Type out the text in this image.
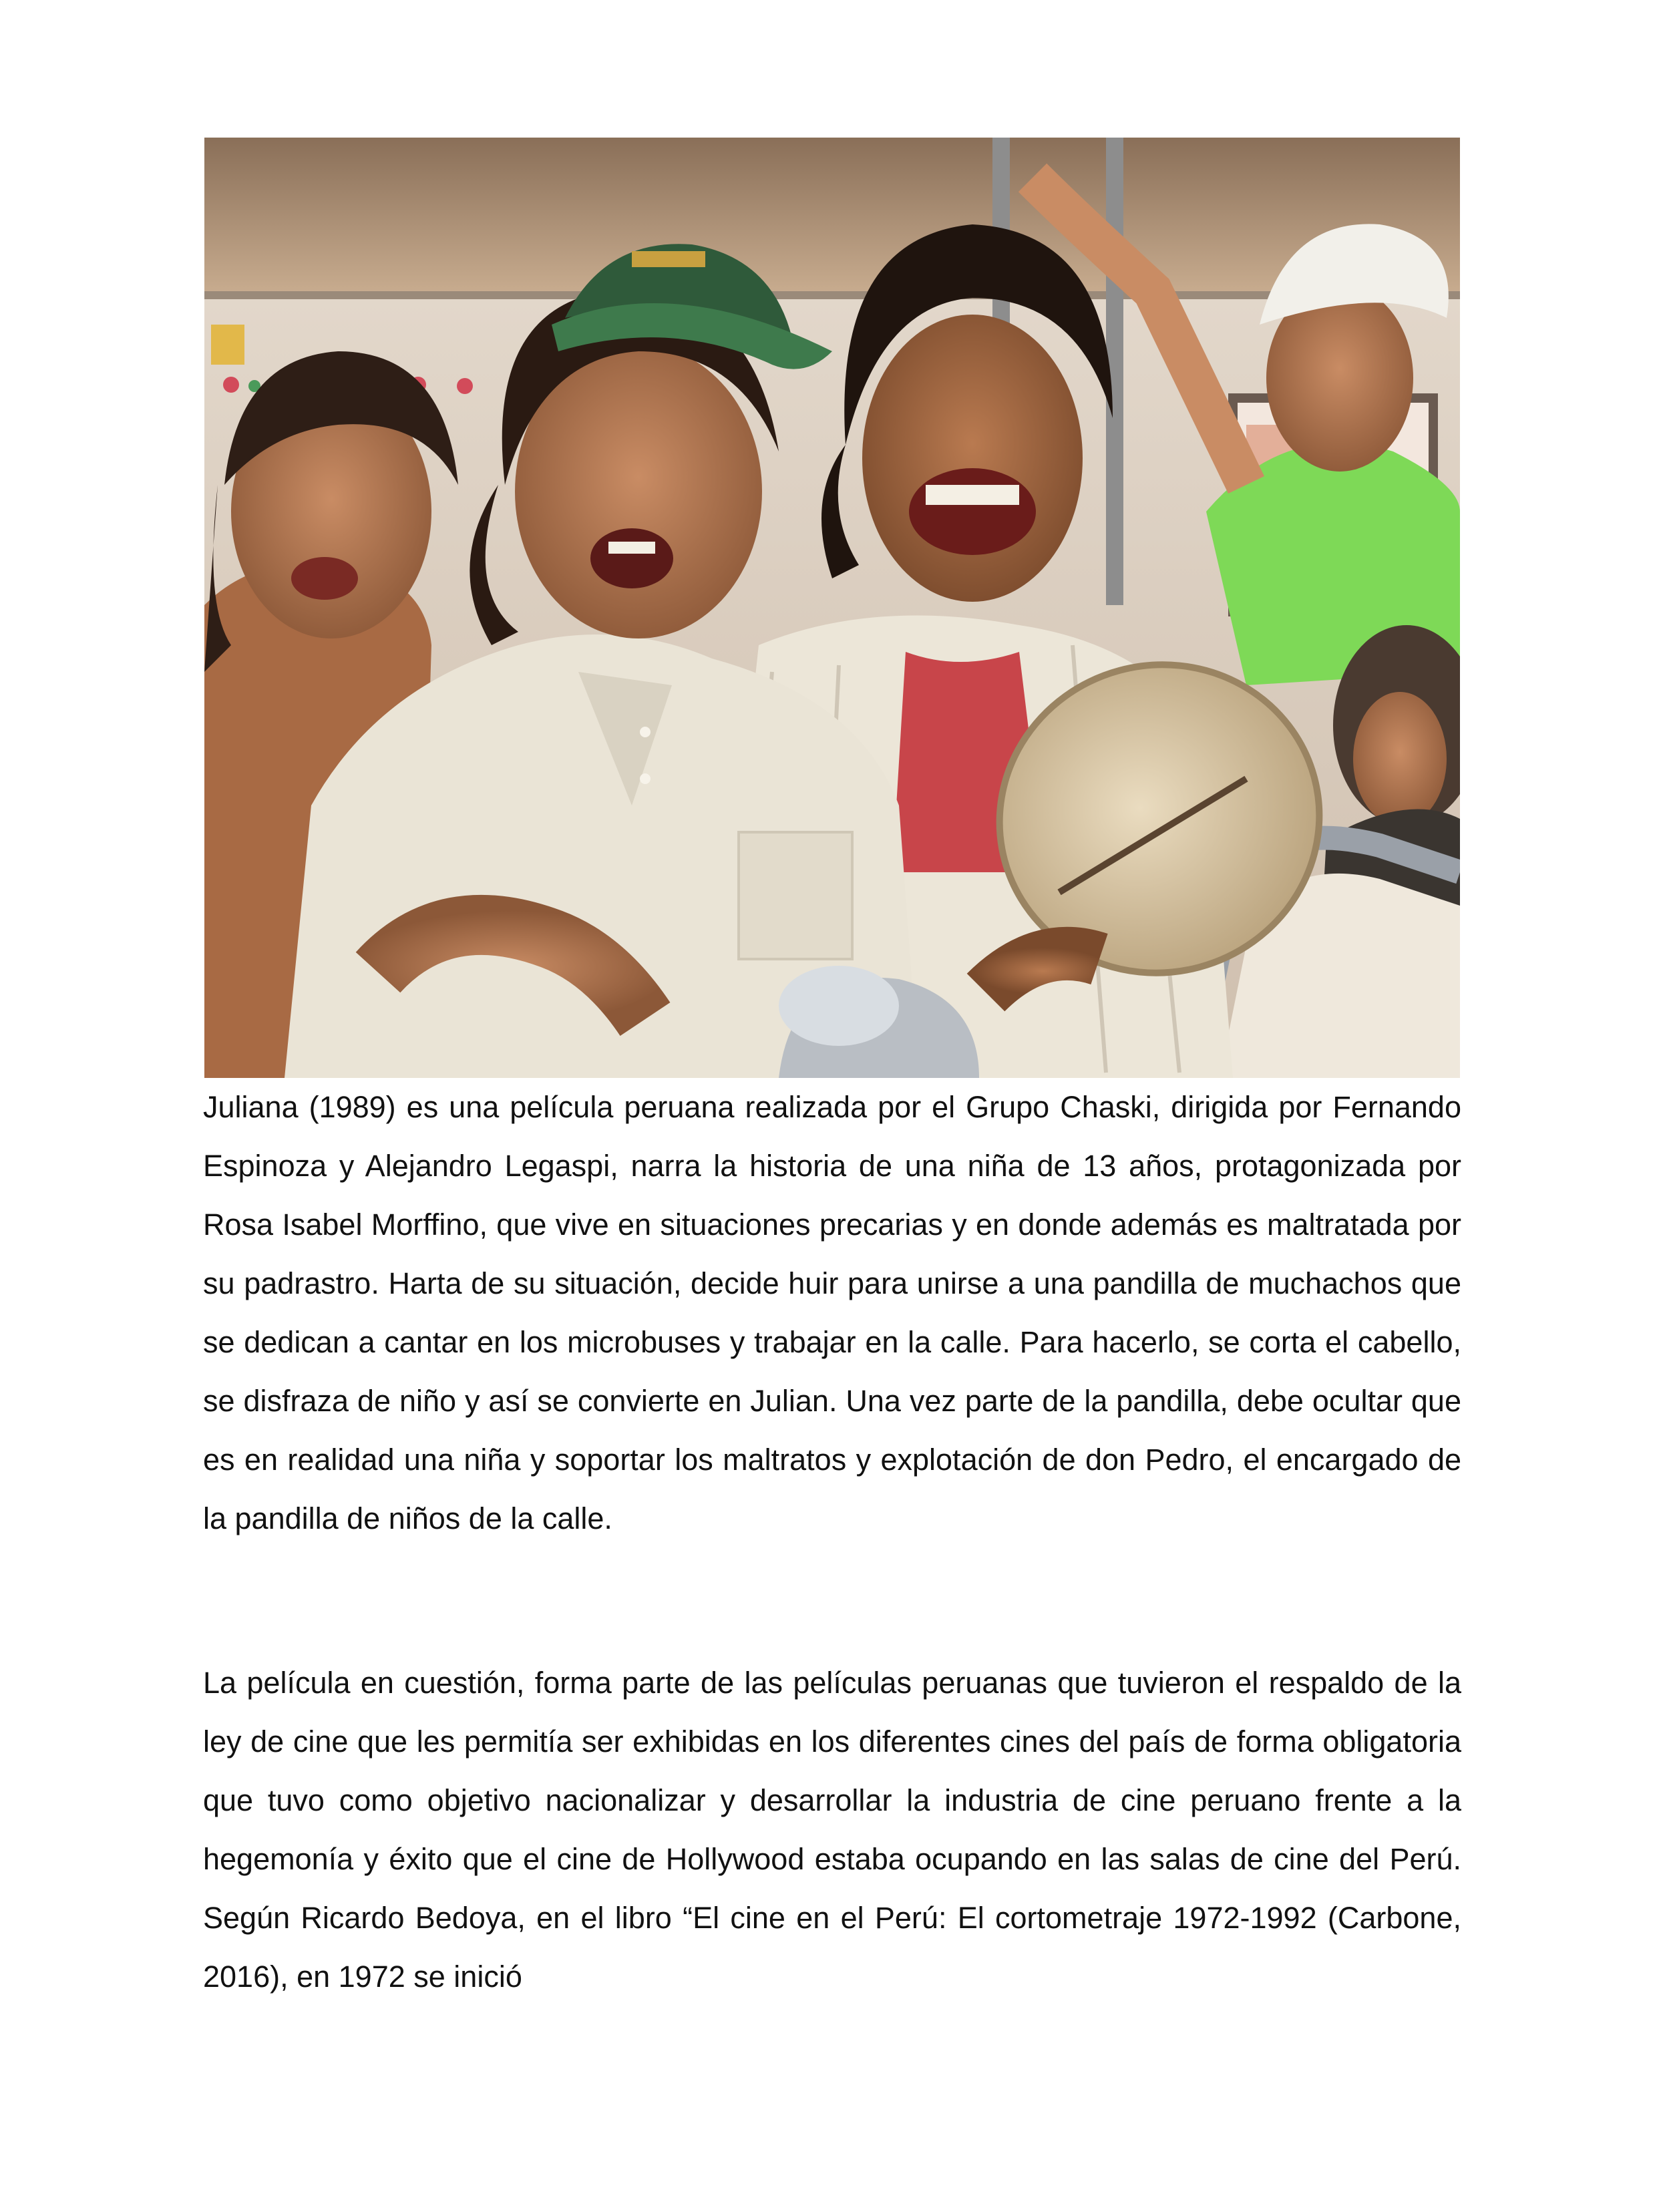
Juliana (1989) es una película peruana realizada por el Grupo Chaski, dirigida por Fernando Espinoza y Alejandro Legaspi, narra la historia de una niña de 13 años, protagonizada por Rosa Isabel Morffino, que vive en situaciones precarias y en donde además es maltratada por su padrastro. Harta de su situación, decide huir para unirse a una pandilla de muchachos que se dedican a cantar en los microbuses y trabajar en la calle. Para hacerlo, se corta el cabello, se disfraza de niño y así se convierte en Julian. Una vez parte de la pandilla, debe ocultar que es en realidad una niña y soportar los maltratos y explotación de don Pedro, el encargado de la pandilla de niños de la calle.

La película en cuestión, forma parte de las películas peruanas que tuvieron el respaldo de la ley de cine que les permitía ser exhibidas en los diferentes cines del país de forma obligatoria que tuvo como objetivo nacionalizar y desarrollar la industria de cine peruano frente a la hegemonía y éxito que el cine de Hollywood estaba ocupando en las salas de cine del Perú. Según Ricardo Bedoya, en el libro “El cine en el Perú: El cortometraje 1972-1992 (Carbone, 2016), en 1972 se inició
